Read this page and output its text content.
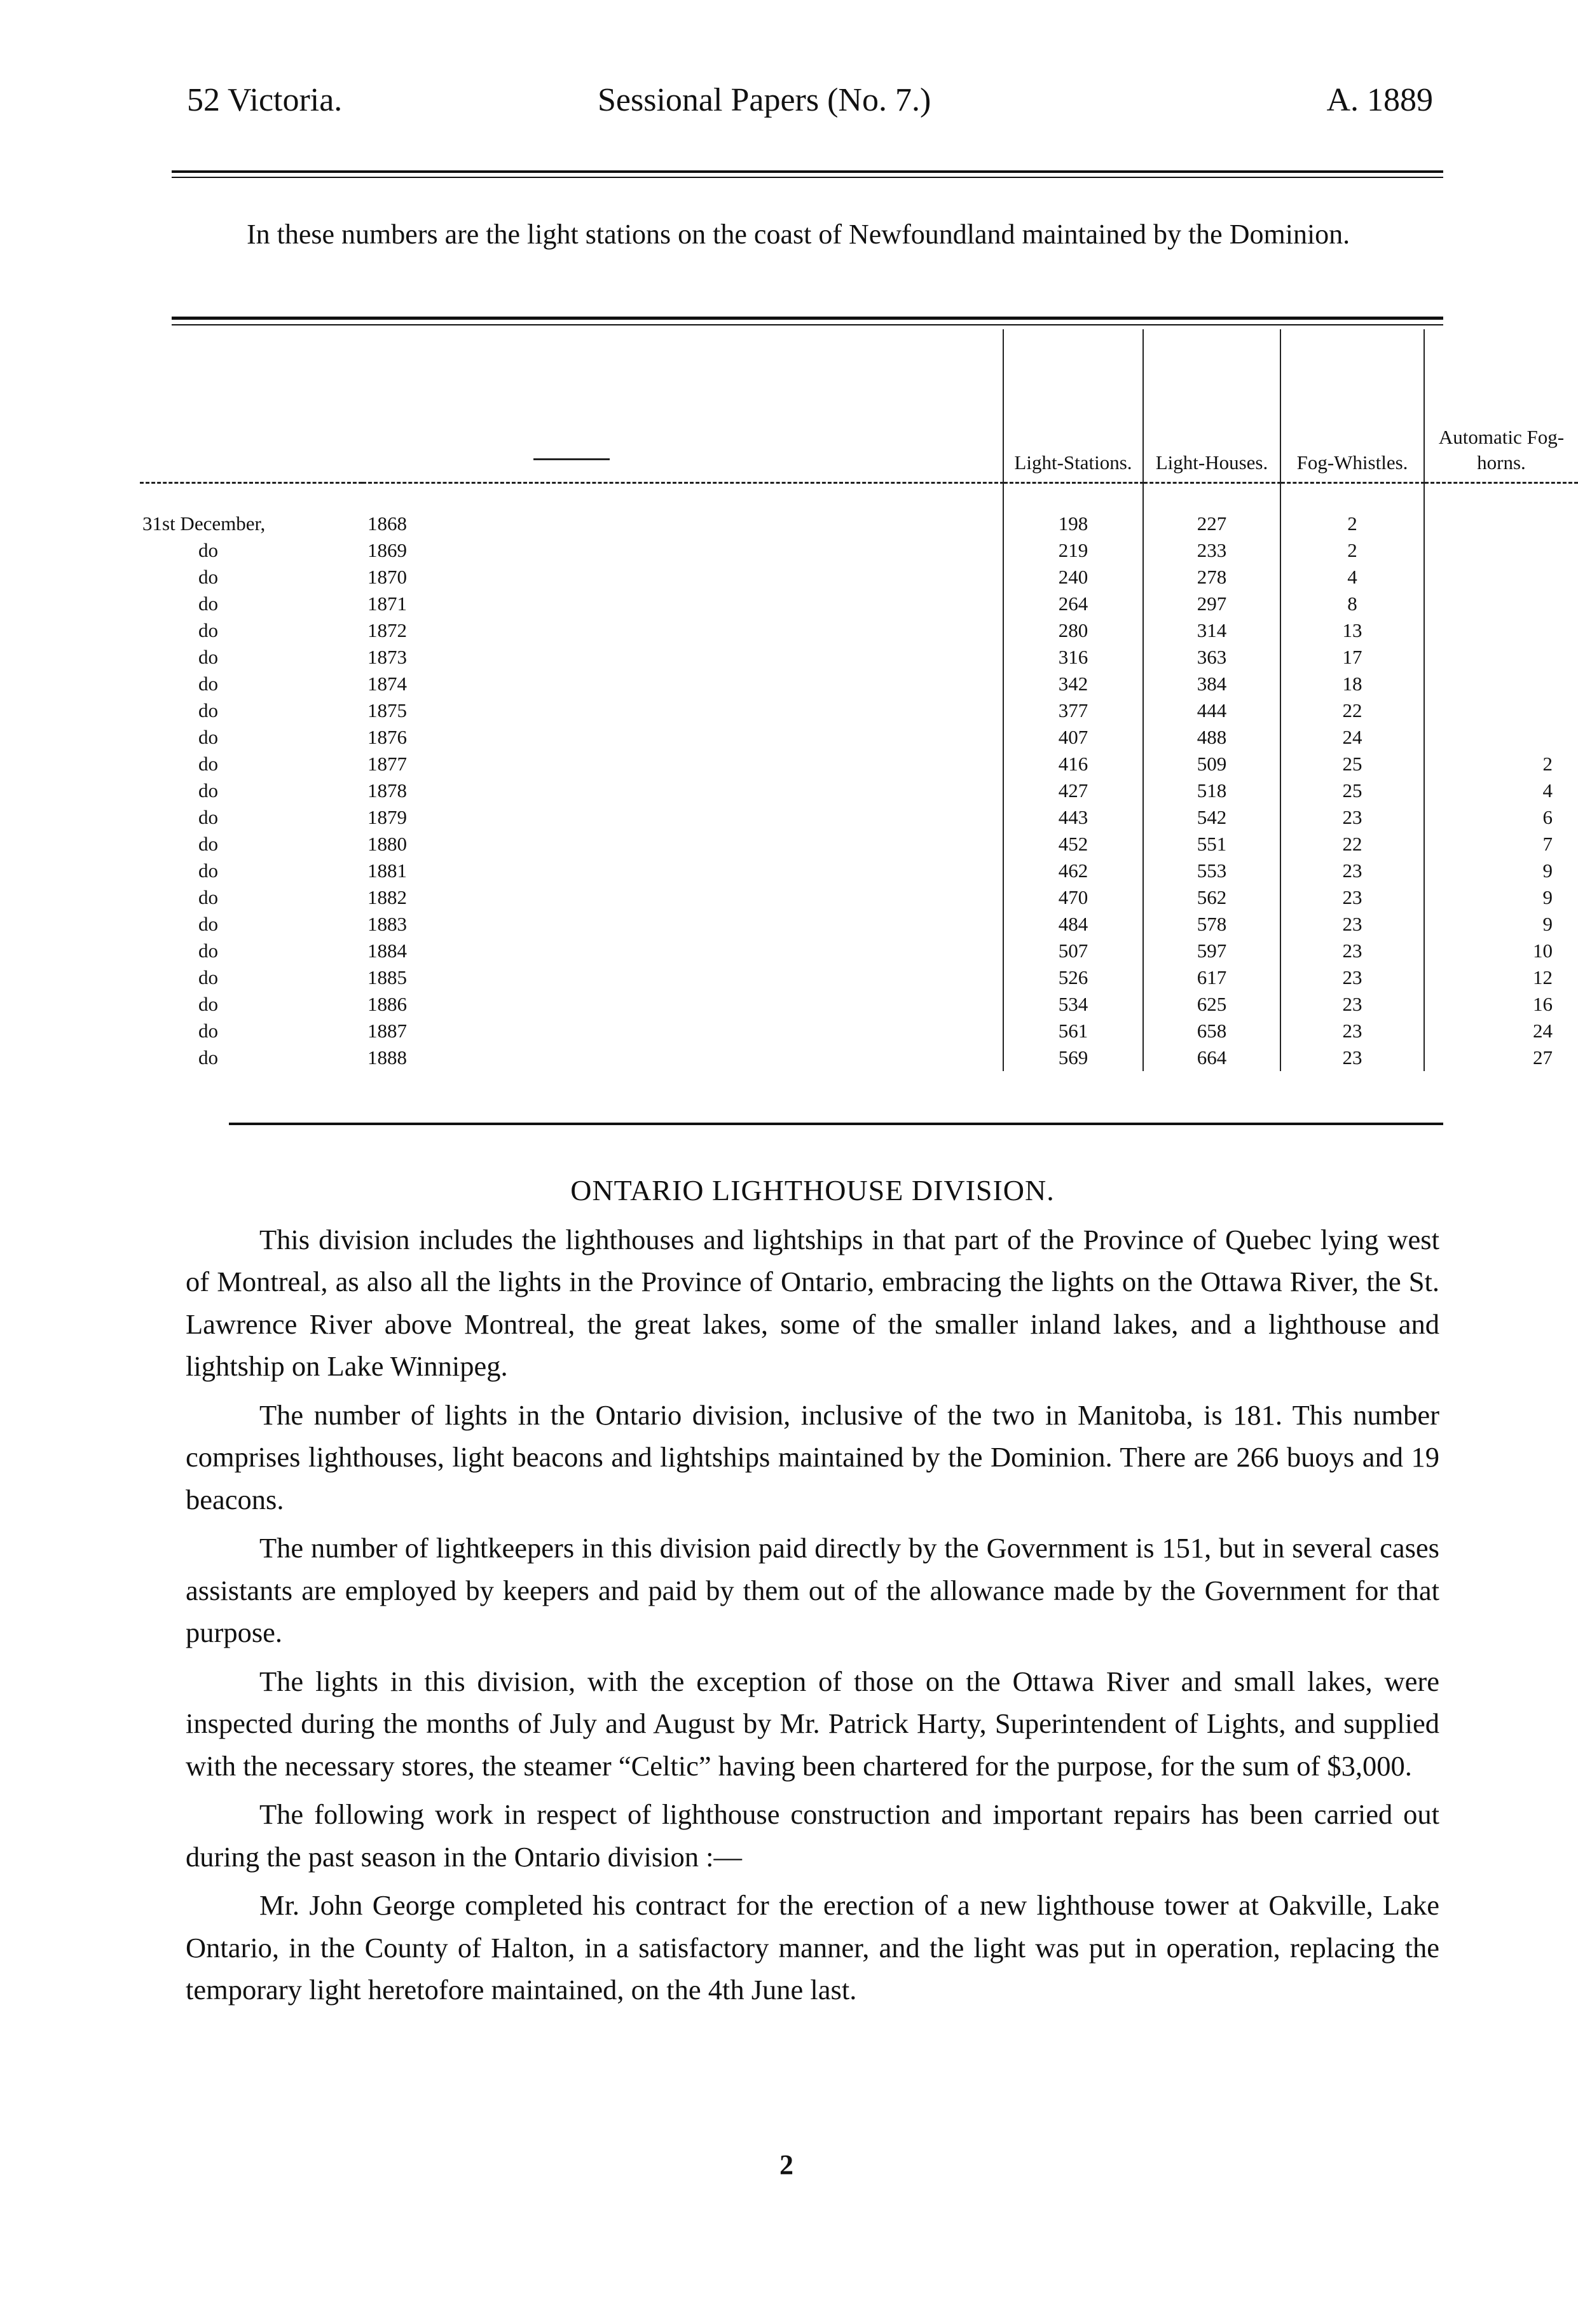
52 Victoria.	Sessional Papers (No. 7.)	A. 1889

In these numbers are the light stations on the coast of Newfoundland maintained by the Dominion.

		Light-Stations.	Light-Houses.	Fog-Whistles.	Automatic Fog-horns.

31st December,	1868	198	227	2	
do	1869	219	233	2	
do	1870	240	278	4	
do	1871	264	297	8	
do	1872	280	314	13	
do	1873	316	363	17	
do	1874	342	384	18	
do	1875	377	444	22	
do	1876	407	488	24	
do	1877	416	509	25	2
do	1878	427	518	25	4
do	1879	443	542	23	6
do	1880	452	551	22	7
do	1881	462	553	23	9
do	1882	470	562	23	9
do	1883	484	578	23	9
do	1884	507	597	23	10
do	1885	526	617	23	12
do	1886	534	625	23	16
do	1887	561	658	23	24
do	1888	569	664	23	27
ONTARIO LIGHTHOUSE DIVISION.

This division includes the lighthouses and lightships in that part of the Province of Quebec lying west of Montreal, as also all the lights in the Province of Ontario, embracing the lights on the Ottawa River, the St. Lawrence River above Montreal, the great lakes, some of the smaller inland lakes, and a lighthouse and lightship on Lake Winnipeg.

The number of lights in the Ontario division, inclusive of the two in Manitoba, is 181. This number comprises lighthouses, light beacons and lightships maintained by the Dominion. There are 266 buoys and 19 beacons.

The number of lightkeepers in this division paid directly by the Government is 151, but in several cases assistants are employed by keepers and paid by them out of the allowance made by the Government for that purpose.

The lights in this division, with the exception of those on the Ottawa River and small lakes, were inspected during the months of July and August by Mr. Patrick Harty, Superintendent of Lights, and supplied with the necessary stores, the steamer “Celtic” having been chartered for the purpose, for the sum of $3,000.

The following work in respect of lighthouse construction and important repairs has been carried out during the past season in the Ontario division :—

Mr. John George completed his contract for the erection of a new lighthouse tower at Oakville, Lake Ontario, in the County of Halton, in a satisfactory manner, and the light was put in operation, replacing the temporary light heretofore maintained, on the 4th June last.

2
